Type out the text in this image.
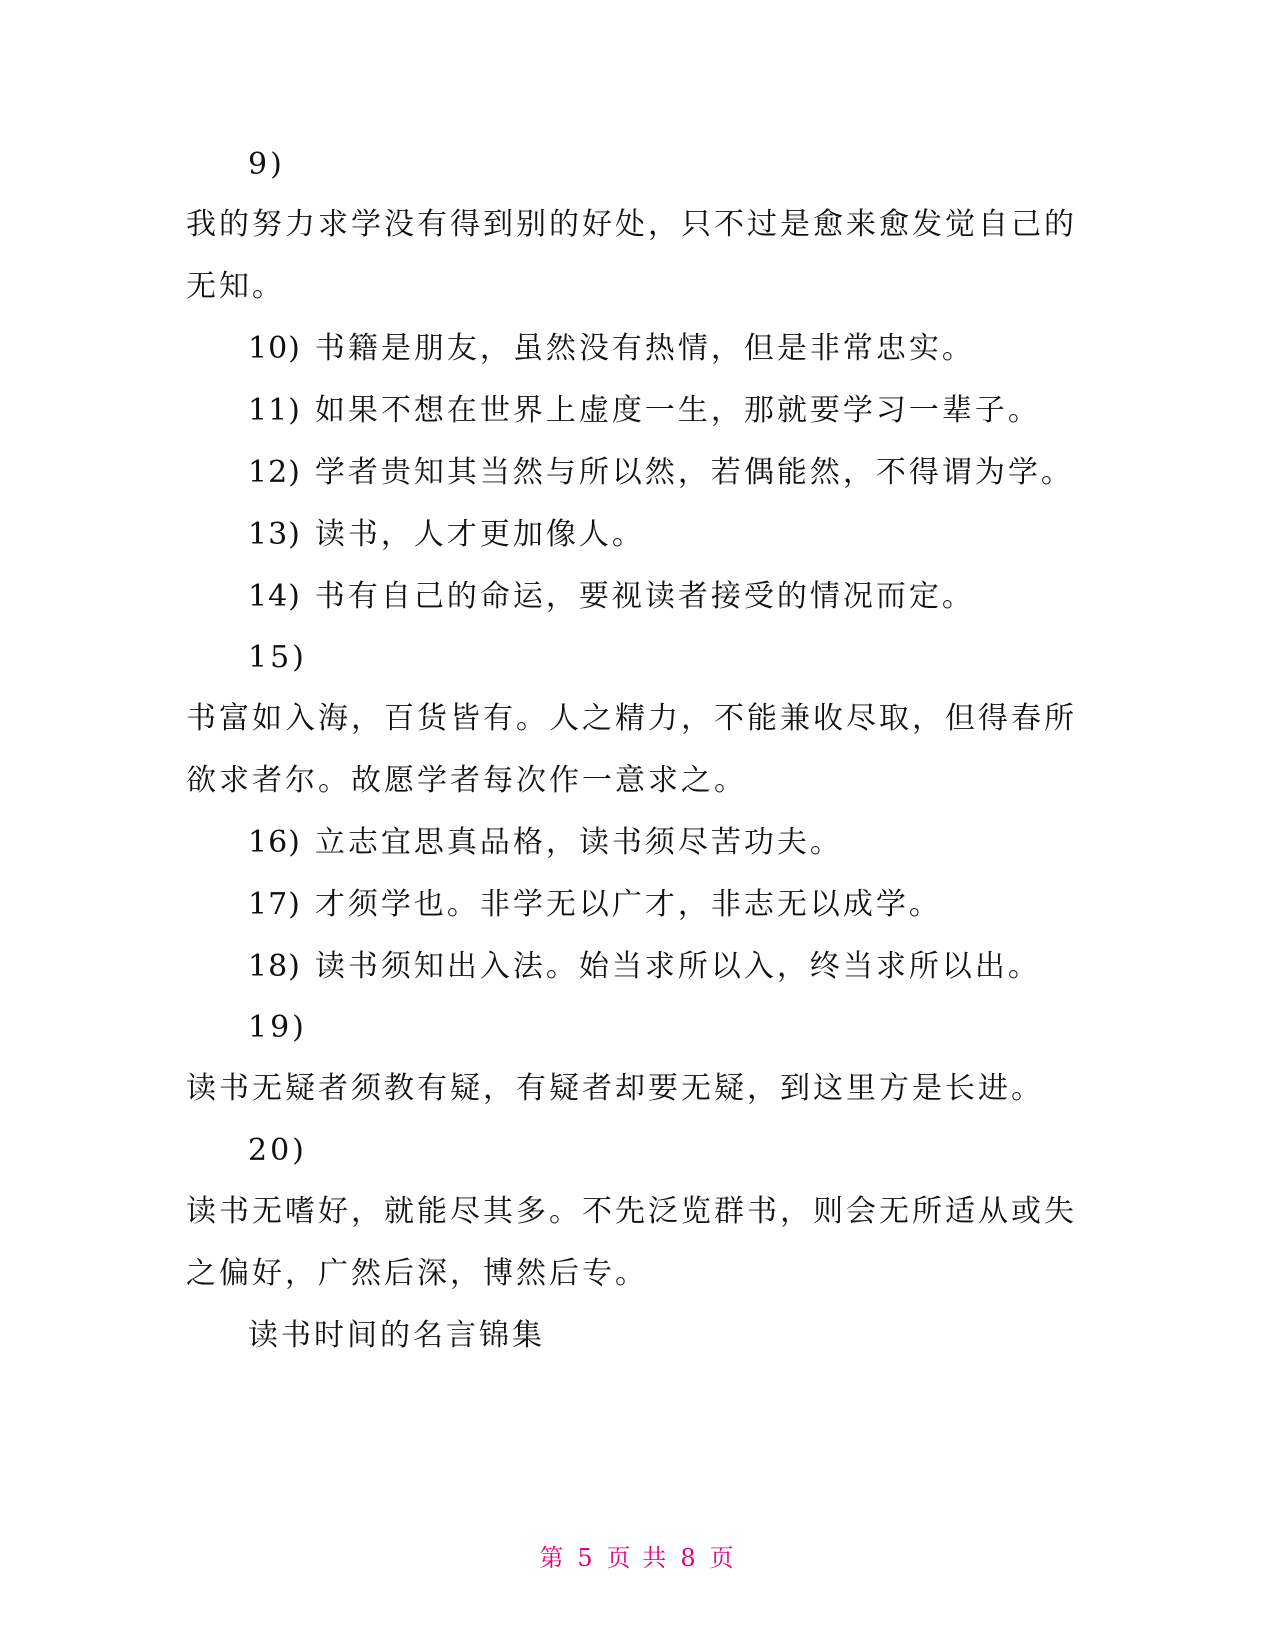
9)
我的努力求学没有得到别的好处，只不过是愈来愈发觉自己的
无知。
10) 书籍是朋友，虽然没有热情，但是非常忠实。
11) 如果不想在世界上虚度一生，那就要学习一辈子。
12) 学者贵知其当然与所以然，若偶能然，不得谓为学。
13) 读书，人才更加像人。
14) 书有自己的命运，要视读者接受的情况而定。
15)
书富如入海，百货皆有。人之精力，不能兼收尽取，但得春所
欲求者尔。故愿学者每次作一意求之。
16) 立志宜思真品格，读书须尽苦功夫。
17) 才须学也。非学无以广才，非志无以成学。
18) 读书须知出入法。始当求所以入，终当求所以出。
19)
读书无疑者须教有疑，有疑者却要无疑，到这里方是长进。
20)
读书无嗜好，就能尽其多。不先泛览群书，则会无所适从或失
之偏好，广然后深，博然后专。
读书时间的名言锦集
第 5 页 共 8 页
